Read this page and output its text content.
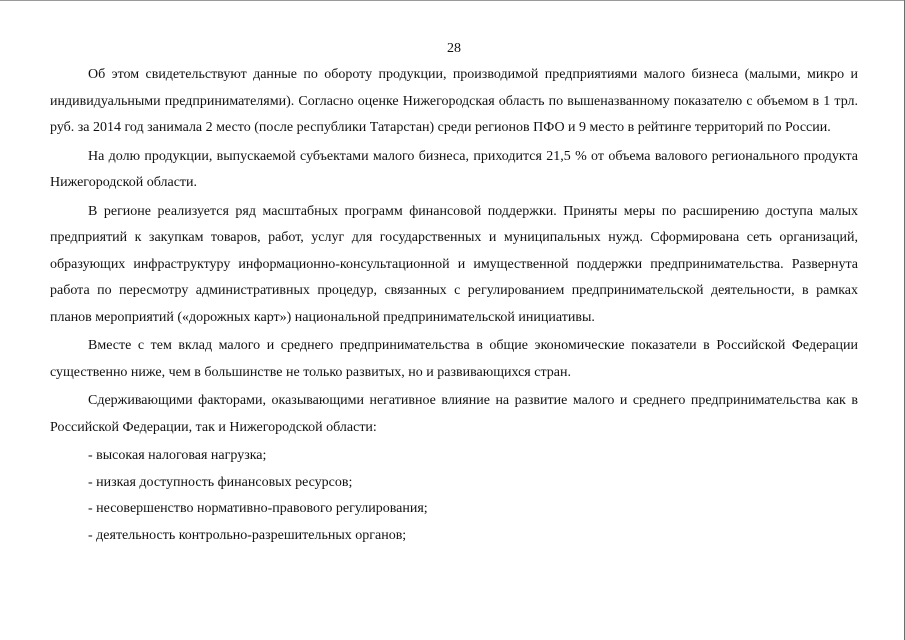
28

Об этом свидетельствуют данные по обороту продукции, производимой предприятиями малого бизнеса (малыми, микро и индивидуальными предпринимателями). Согласно оценке Нижегородская область по вышеназванному показателю с объемом в 1 трл. руб. за 2014 год занимала 2 место (после республики Татарстан) среди регионов ПФО и 9 место в рейтинге территорий по России.

На долю продукции, выпускаемой субъектами малого бизнеса, приходится 21,5 % от объема валового регионального продукта Нижегородской области.

В регионе реализуется ряд масштабных программ финансовой поддержки. Приняты меры по расширению доступа малых предприятий к закупкам товаров, работ, услуг для государственных и муниципальных нужд. Сформирована сеть организаций, образующих инфраструктуру информационно-консультационной и имущественной поддержки предпринимательства. Развернута работа по пересмотру административных процедур, связанных с регулированием предпринимательской деятельности, в рамках планов мероприятий («дорожных карт») национальной предпринимательской инициативы.

Вместе с тем вклад малого и среднего предпринимательства в общие экономические показатели в Российской Федерации существенно ниже, чем в большинстве не только развитых, но и развивающихся стран.

Сдерживающими факторами, оказывающими негативное влияние на развитие малого и среднего предпринимательства как в Российской Федерации, так и Нижегородской области:

- высокая налоговая нагрузка;
- низкая доступность финансовых ресурсов;
- несовершенство нормативно-правового регулирования;
- деятельность контрольно-разрешительных органов;
